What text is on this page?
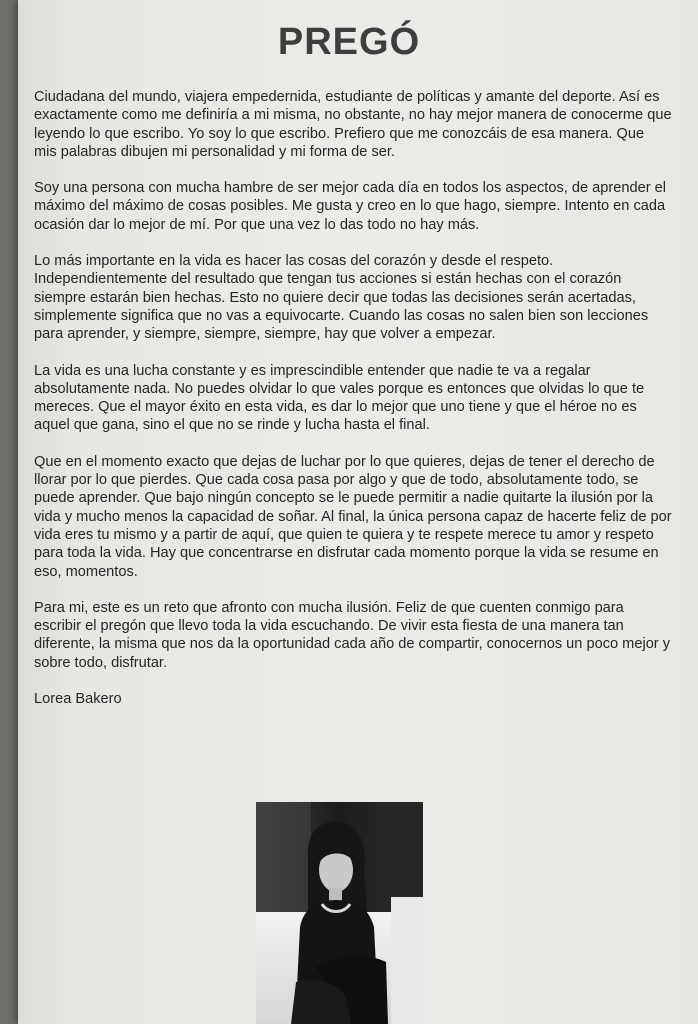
PREGÓ

Ciudadana del mundo, viajera empedernida, estudiante de políticas y amante del deporte. Así es
exactamente como me definiría a mi misma, no obstante, no hay mejor manera de conocerme que
leyendo lo que escribo. Yo soy lo que escribo. Prefiero que me conozcáis de esa manera. Que
mis palabras dibujen mi personalidad y mi forma de ser.

Soy una persona con mucha hambre de ser mejor cada día en todos los aspectos, de aprender el
máximo del máximo de cosas posibles. Me gusta y creo en lo que hago, siempre. Intento en cada
ocasión dar lo mejor de mí. Por que una vez lo das todo no hay más.

Lo más importante en la vida es hacer las cosas del corazón y desde el respeto.
Independientemente del resultado que tengan tus acciones si están hechas con el corazón
siempre estarán bien hechas. Esto no quiere decir que todas las decisiones serán acertadas,
simplemente significa que no vas a equivocarte. Cuando las cosas no salen bien son lecciones
para aprender, y siempre, siempre, siempre, hay que volver a empezar.

La vida es una lucha constante y es imprescindible entender que nadie te va a regalar
absolutamente nada. No puedes olvidar lo que vales porque es entonces que olvidas lo que te
mereces. Que el mayor éxito en esta vida, es dar lo mejor que uno tiene y que el héroe no es
aquel que gana, sino el que no se rinde y lucha hasta el final.

Que en el momento exacto que dejas de luchar por lo que quieres, dejas de tener el derecho de
llorar por lo que pierdes. Que cada cosa pasa por algo y que de todo, absolutamente todo, se
puede aprender. Que bajo ningún concepto se le puede permitir a nadie quitarte la ilusión por la
vida y mucho menos la capacidad de soñar. Al final, la única persona capaz de hacerte feliz de por
vida eres tu mismo y a partir de aquí, que quien te quiera y te respete merece tu amor y respeto
para toda la vida. Hay que concentrarse en disfrutar cada momento porque la vida se resume en
eso, momentos.

Para mi, este es un reto que afronto con mucha ilusión. Feliz de que cuenten conmigo para
escribir el pregón que llevo toda la vida escuchando. De vivir esta fiesta de una manera tan
diferente, la misma que nos da la oportunidad cada año de compartir, conocernos un poco mejor y
sobre todo, disfrutar.

Lorea Bakero
